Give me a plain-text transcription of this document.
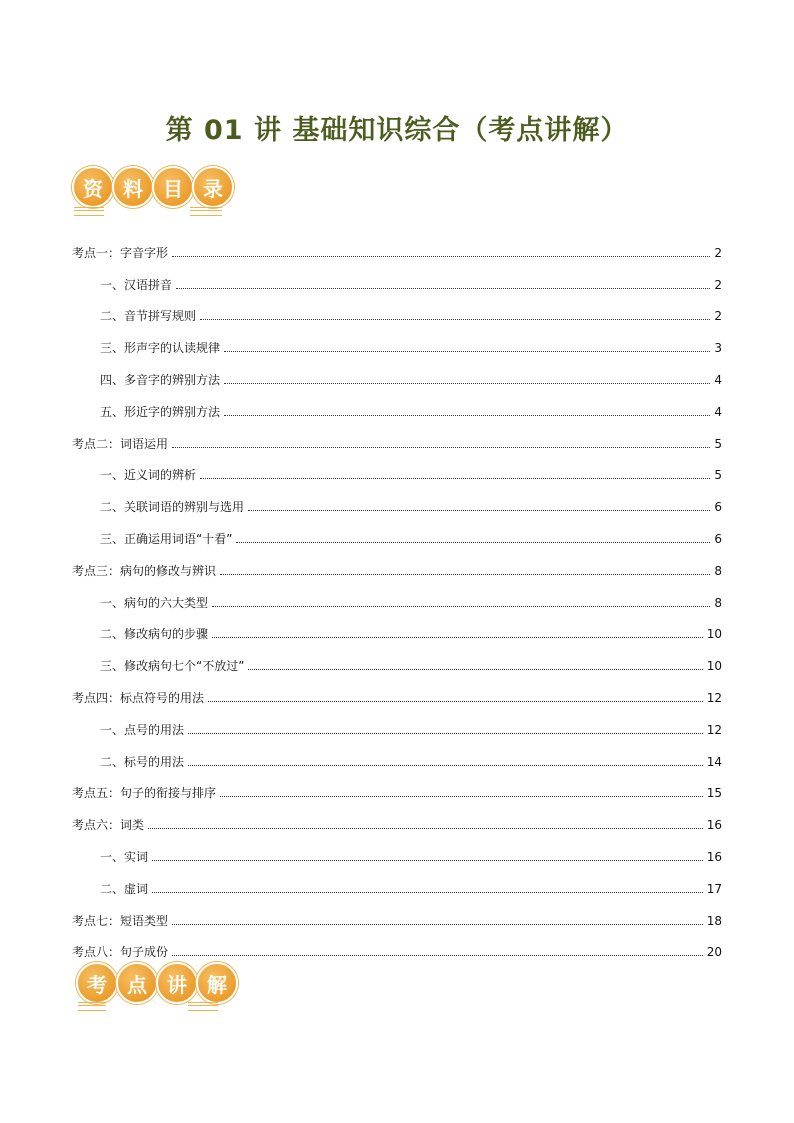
第 01 讲 基础知识综合（考点讲解）
资	料	目	录
考点一：字音字形	2
一、汉语拼音	2
二、音节拼写规则	2
三、形声字的认读规律	3
四、多音字的辨别方法	4
五、形近字的辨别方法	4
考点二：词语运用	5
一、近义词的辨析	5
二、关联词语的辨别与选用	6
三、正确运用词语“十看”	6
考点三：病句的修改与辨识	8
一、病句的六大类型	8
二、修改病句的步骤	10
三、修改病句七个“不放过”	10
考点四：标点符号的用法	12
一、点号的用法	12
二、标号的用法	14
考点五：句子的衔接与排序	15
考点六：词类	16
一、实词	16
二、虚词	17
考点七：短语类型	18
考点八：句子成份	20
考	点	讲	解
